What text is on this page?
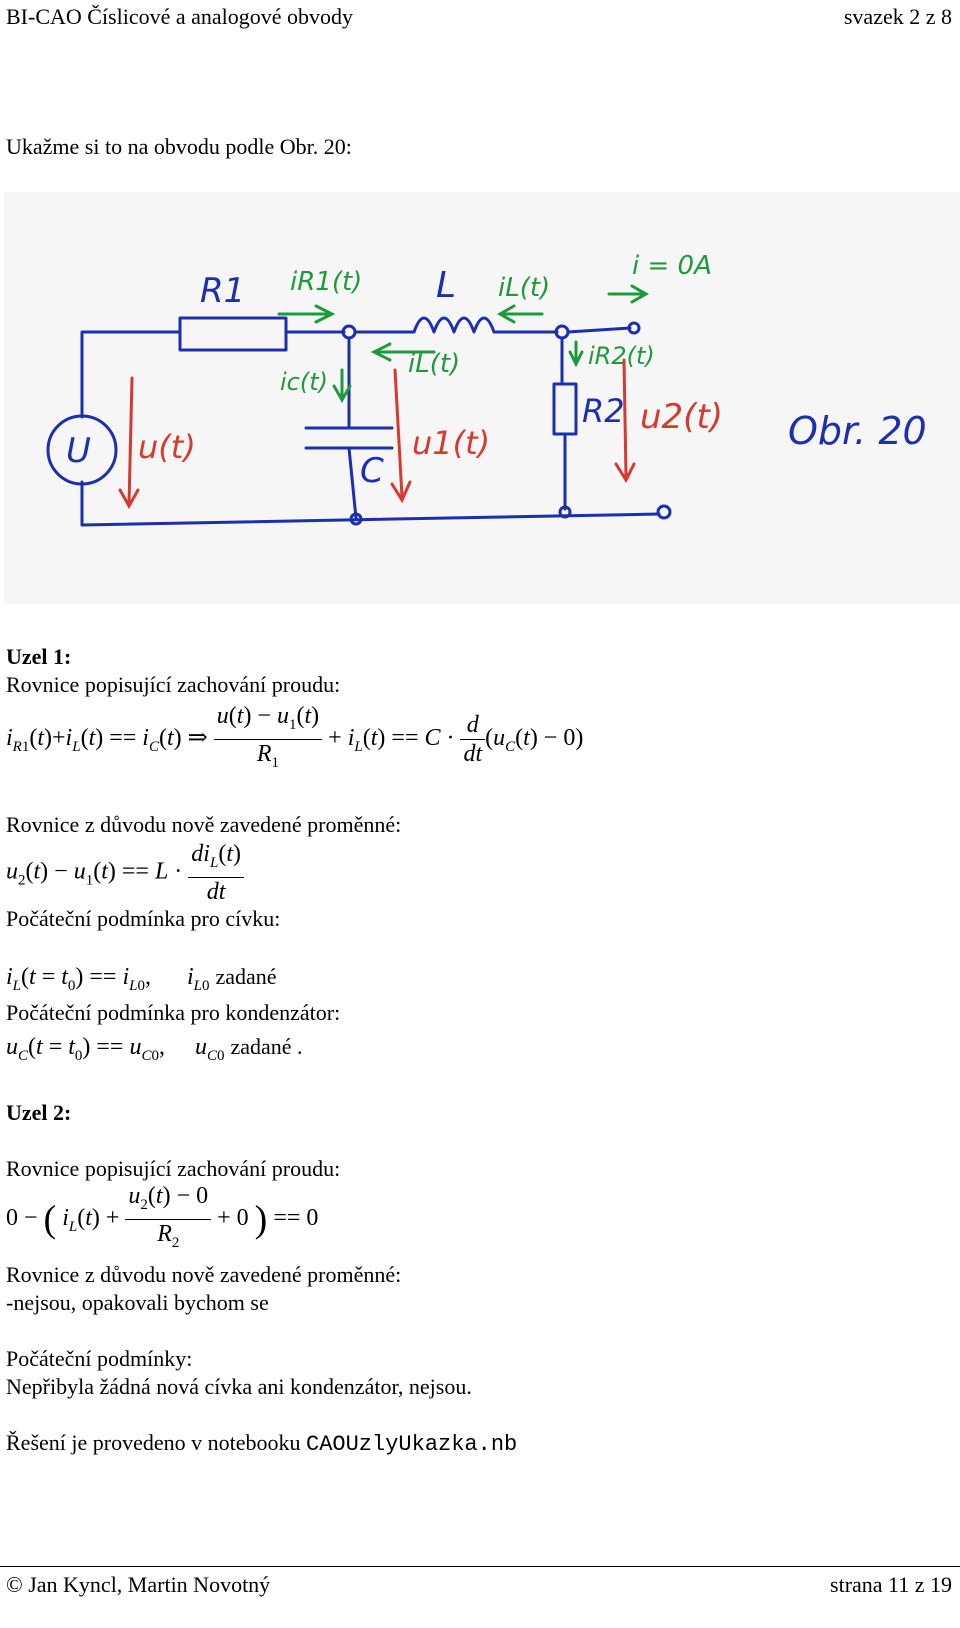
BI-CAO Číslicové a analogové obvody	svazek 2 z 8
Ukažme si to na obvodu podle Obr. 20:
U u(t)
R1 iR1(t) L iL(t)
iL(t)
i = 0A
ic(t)
u1(t)
C
iR2(t)
R2 u2(t) Obr. 20
Uzel 1:
Rovnice popisující zachování proudu:
$i_{R1}(t)+i_L(t) == i_C(t)$ ⇒ $\frac{u(t) - u_1(t)}{R_1} + i_L(t) == C \cdot \frac{d}{dt} (u_C(t) - 0)$
Rovnice z důvodu nově zavedené proměnné:
$u_2(t) - u_1(t) == L \cdot \frac{di_L(t)}{dt}$
Počáteční podmínka pro cívku:
$i_L(t = t_0) == i_{L0}$,      $i_{L0}$ zadané
Počáteční podmínka pro kondenzátor:
$u_C(t = t_0) == u_{C0}$,     $u_{C0}$ zadané .
Uzel 2:
Rovnice popisující zachování proudu:
0 − ( $i_L(t) + \frac{u_2(t) - 0}{R_2} + 0$ ) == 0
Rovnice z důvodu nově zavedené proměnné:
-nejsou, opakovali bychom se
Počáteční podmínky:
Nepřibyla žádná nová cívka ani kondenzátor, nejsou.
Řešení je provedeno v notebooku CAOUzlyUkazka.nb
© Jan Kyncl, Martin Novotný	strana 11 z 19
